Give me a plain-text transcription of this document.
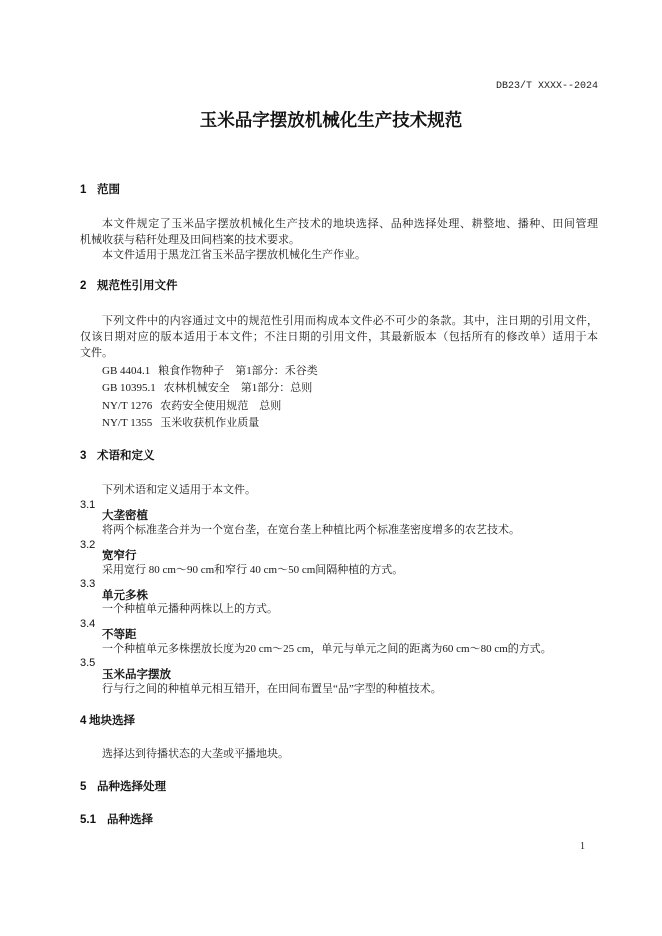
DB23/T XXXX--2024
玉米品字摆放机械化生产技术规范
1 范围
本文件规定了玉米品字摆放机械化生产技术的地块选择、品种选择处理、耕整地、播种、田间管理
机械收获与秸秆处理及田间档案的技术要求。
本文件适用于黑龙江省玉米品字摆放机械化生产作业。
2 规范性引用文件
下列文件中的内容通过文中的规范性引用而构成本文件必不可少的条款。其中，注日期的引用文件，
仅该日期对应的版本适用于本文件；不注日期的引用文件，其最新版本（包括所有的修改单）适用于本
文件。
GB 4404.1 粮食作物种子　第1部分：禾谷类
GB 10395.1 农林机械安全　第1部分：总则
NY/T 1276 农药安全使用规范　总则
NY/T 1355 玉米收获机作业质量
3 术语和定义
下列术语和定义适用于本文件。
3.1
大垄密植
将两个标准垄合并为一个宽台垄，在宽台垄上种植比两个标准垄密度增多的农艺技术。
3.2
宽窄行
采用宽行 80 cm～90 cm和窄行 40 cm～50 cm间隔种植的方式。
3.3
单元多株
一个种植单元播种两株以上的方式。
3.4
不等距
一个种植单元多株摆放长度为20 cm～25 cm，单元与单元之间的距离为60 cm～80 cm的方式。
3.5
玉米品字摆放
行与行之间的种植单元相互错开，在田间布置呈“品”字型的种植技术。
4 地块选择
选择达到待播状态的大垄或平播地块。
5 品种选择处理
5.1 品种选择
1
